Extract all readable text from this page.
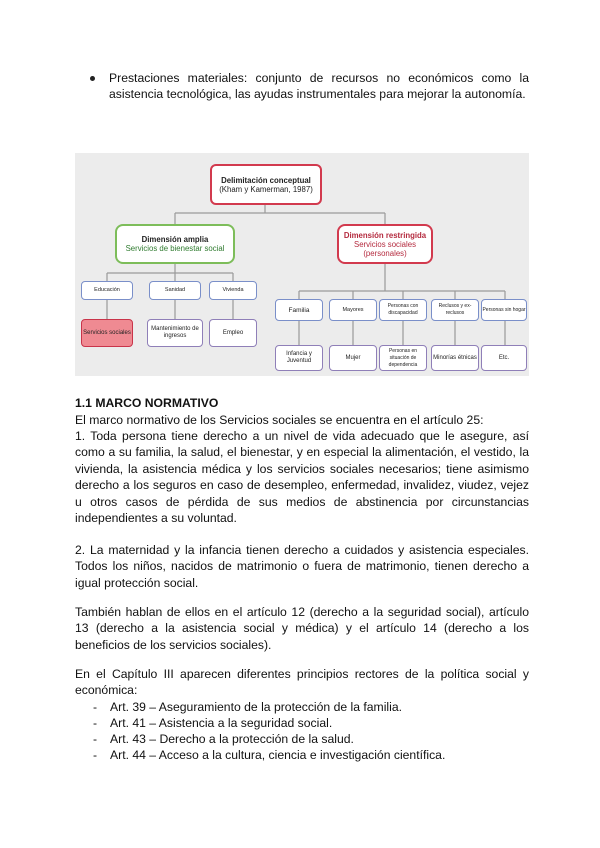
Prestaciones materiales: conjunto de recursos no económicos como la asistencia tecnológica, las ayudas instrumentales para mejorar la autonomía.
Delimitación conceptual
(Kham y Kamerman, 1987)
Dimensión amplia
Servicios de bienestar social
Dimensión restringida
Servicios sociales (personales)
Educación	Sanidad	Vivienda
Servicios sociales
Mantenimiento de ingresos
Empleo
Familia	Mayores
Personas con discapacidad
Reclusos y ex-reclusos
Personas sin hogar
Infancia y Juventud
Mujer
Personas en situación de dependencia
Minorías étnicas	Etc.
1.1 MARCO NORMATIVO
El marco normativo de los Servicios sociales se encuentra en el artículo 25:
1. Toda persona tiene derecho a un nivel de vida adecuado que le asegure, así como a su familia, la salud, el bienestar, y en especial la alimentación, el vestido, la vivienda, la asistencia médica y los servicios sociales necesarios; tiene asimismo derecho a los seguros en caso de desempleo, enfermedad, invalidez, viudez, vejez u otros casos de pérdida de sus medios de abstinencia por circunstancias independientes a su voluntad.
2. La maternidad y la infancia tienen derecho a cuidados y asistencia especiales. Todos los niños, nacidos de matrimonio o fuera de matrimonio, tienen derecho a igual protección social.
También hablan de ellos en el artículo 12 (derecho a la seguridad social), artículo 13 (derecho a la asistencia social y médica) y el artículo 14 (derecho a los beneficios de los servicios sociales).
En el Capítulo III aparecen diferentes principios rectores de la política social y económica:
- Art. 39 – Aseguramiento de la protección de la familia.
- Art. 41 – Asistencia a la seguridad social.
- Art. 43 – Derecho a la protección de la salud.
- Art. 44 – Acceso a la cultura, ciencia e investigación científica.
